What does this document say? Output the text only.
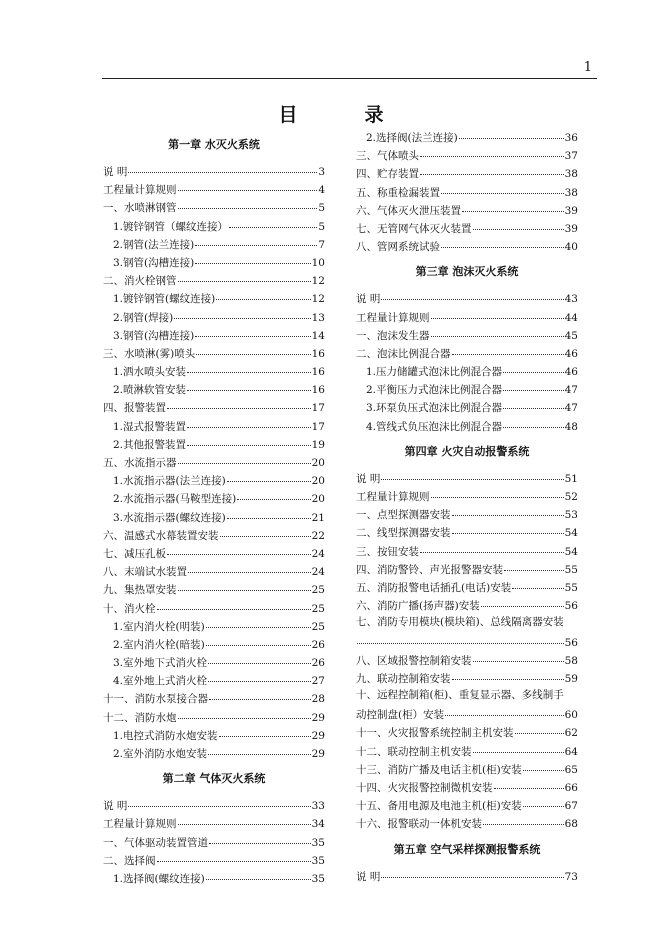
1
目　录
第一章 水灭火系统
说 明	3
工程量计算规则	4
一、水喷淋钢管	5
1.镀锌钢管（螺纹连接）	5
2.钢管(法兰连接)	7
3.钢管(沟槽连接)	10
二、消火栓钢管	12
1.镀锌钢管(螺纹连接)	12
2.钢管(焊接)	13
3.钢管(沟槽连接)	14
三、水喷淋(雾)喷头	16
1.洒水喷头安装	16
2.喷淋软管安装	16
四、报警装置	17
1.湿式报警装置	17
2.其他报警装置	19
五、水流指示器	20
1.水流指示器(法兰连接)	20
2.水流指示器(马鞍型连接)	20
3.水流指示器(螺纹连接)	21
六、温感式水幕装置安装	22
七、减压孔板	24
八、末端试水装置	24
九、集热罩安装	25
十、消火栓	25
1.室内消火栓(明装)	25
2.室内消火栓(暗装)	26
3.室外地下式消火栓	26
4.室外地上式消火栓	27
十一、消防水泵接合器	28
十二、消防水炮	29
1.电控式消防水炮安装	29
2.室外消防水炮安装	29
第二章 气体灭火系统
说 明	33
工程量计算规则	34
一、气体驱动装置管道	35
二、选择阀	35
1.选择阀(螺纹连接)	35
2.选择阀(法兰连接)	36
三、气体喷头	37
四、贮存装置	38
五、称重检漏装置	38
六、气体灭火泄压装置	39
七、无管网气体灭火装置	39
八、管网系统试验	40
第三章 泡沫灭火系统
说 明	43
工程量计算规则	44
一、泡沫发生器	45
二、泡沫比例混合器	46
1.压力储罐式泡沫比例混合器	46
2.平衡压力式泡沫比例混合器	47
3.环泵负压式泡沫比例混合器	47
4.管线式负压泡沫比例混合器	48
第四章 火灾自动报警系统
说 明	51
工程量计算规则	52
一、点型探测器安装	53
二、线型探测器安装	54
三、按钮安装	54
四、消防警铃、声光报警器安装	55
五、消防报警电话插孔(电话)安装	55
六、消防广播(扬声器)安装	56
七、消防专用模块(模块箱)、总线隔离器安装
56
八、区域报警控制箱安装	58
九、联动控制箱安装	59
十、远程控制箱(柜)、重复显示器、多线制手
动控制盘(柜）安装	60
十一、火灾报警系统控制主机安装	62
十二、联动控制主机安装	64
十三、消防广播及电话主机(柜)安装	65
十四、火灾报警控制微机安装	66
十五、备用电源及电池主机(柜)安装	67
十六、报警联动一体机安装	68
第五章 空气采样探测报警系统
说 明	73
